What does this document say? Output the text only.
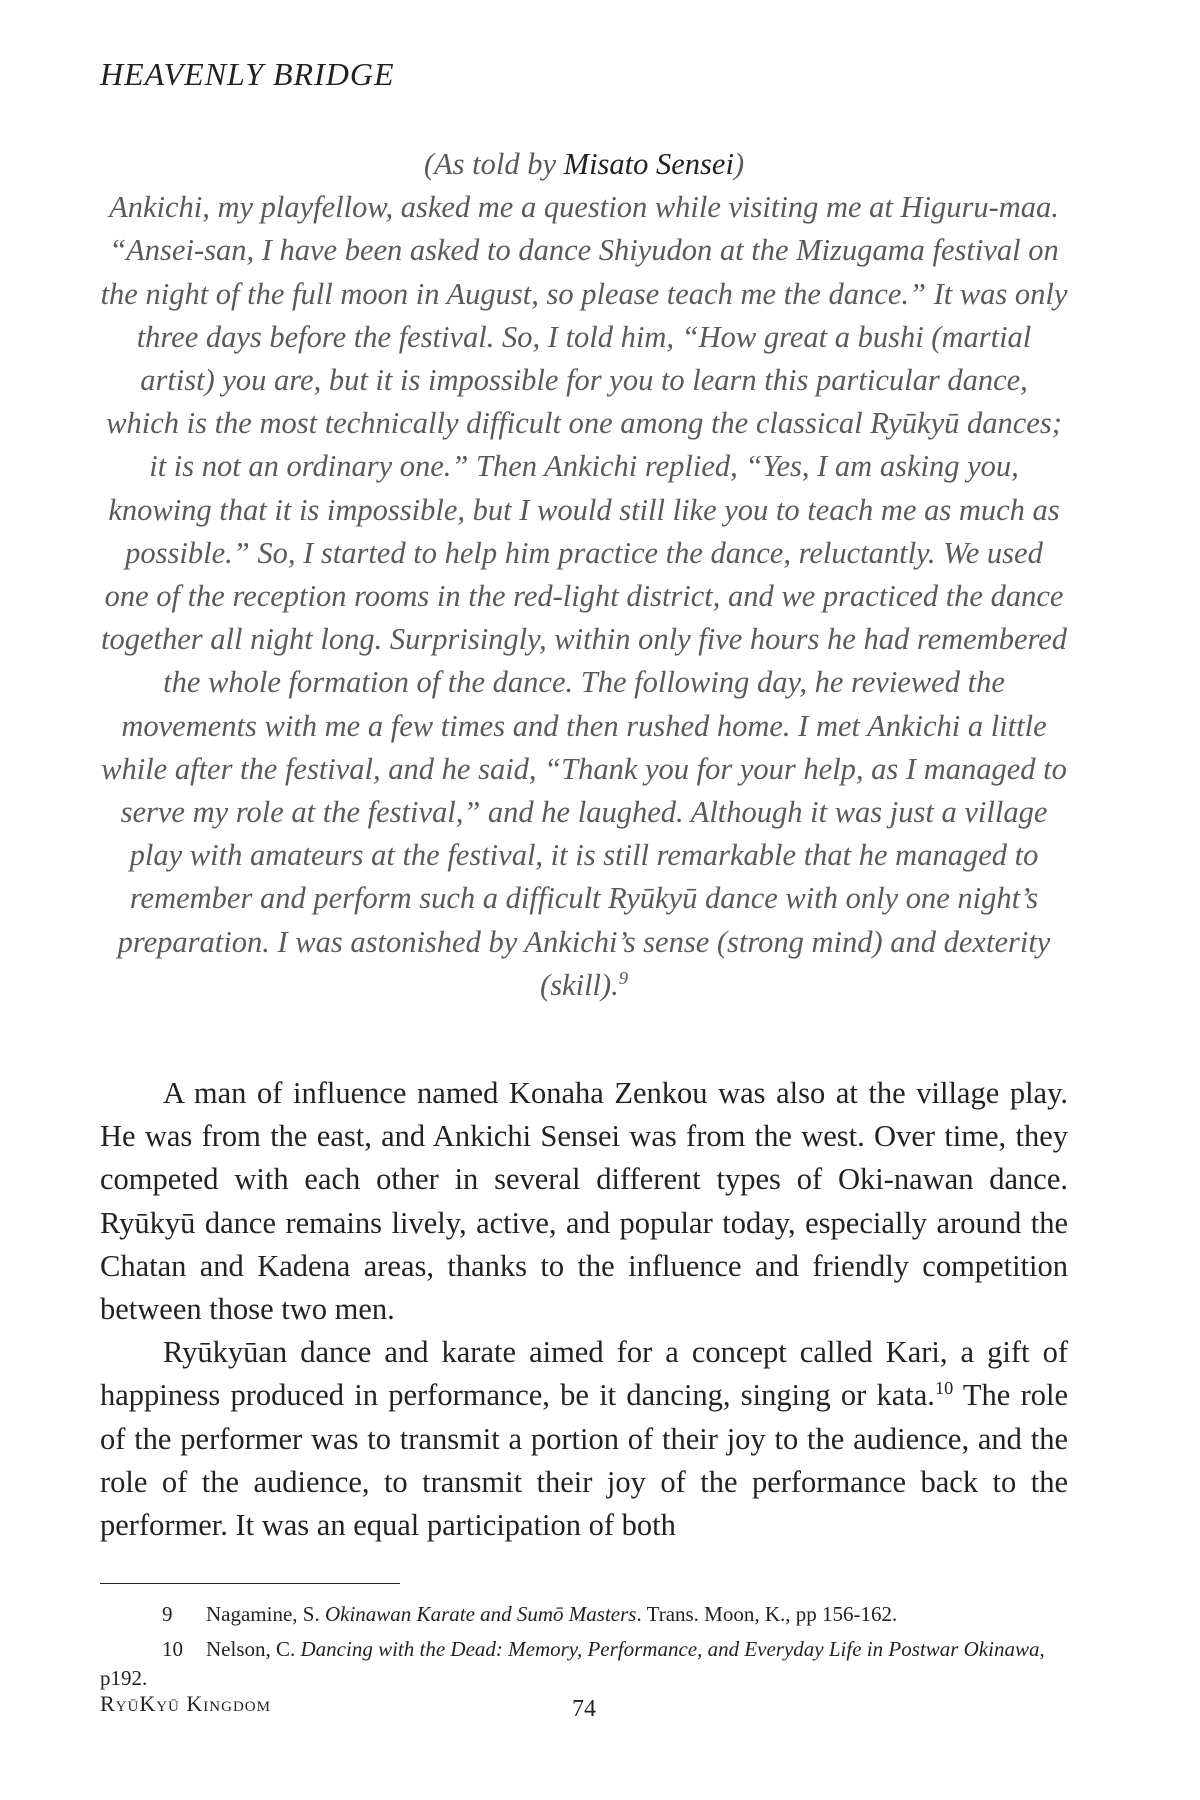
HEAVENLY BRIDGE
(As told by Misato Sensei)
Ankichi, my playfellow, asked me a question while visiting me at Higuru-maa. “Ansei-san, I have been asked to dance Shiyudon at the Mizugama festival on the night of the full moon in August, so please teach me the dance.” It was only three days before the festival. So, I told him, “How great a bushi (martial artist) you are, but it is impossible for you to learn this particular dance, which is the most technically difficult one among the classical Ryūkyū dances; it is not an ordinary one.” Then Ankichi replied, “Yes, I am asking you, knowing that it is impossible, but I would still like you to teach me as much as possible.” So, I started to help him practice the dance, reluctantly. We used one of the reception rooms in the red-light district, and we practiced the dance together all night long. Surprisingly, within only five hours he had remembered the whole formation of the dance. The following day, he reviewed the movements with me a few times and then rushed home. I met Ankichi a little while after the festival, and he said, “Thank you for your help, as I managed to serve my role at the festival,” and he laughed. Although it was just a village play with amateurs at the festival, it is still remarkable that he managed to remember and perform such a difficult Ryūkyū dance with only one night’s preparation. I was astonished by Ankichi’s sense (strong mind) and dexterity (skill).$^9$

A man of influence named Konaha Zenkou was also at the village play. He was from the east, and Ankichi Sensei was from the west. Over time, they competed with each other in several different types of Oki-nawan dance. Ryūkyū dance remains lively, active, and popular today, especially around the Chatan and Kadena areas, thanks to the influence and friendly competition between those two men.

Ryūkyūan dance and karate aimed for a concept called Kari, a gift of happiness produced in performance, be it dancing, singing or kata.$^{10}$ The role of the performer was to transmit a portion of their joy to the audience, and the role of the audience, to transmit their joy of the performance back to the performer. It was an equal participation of both

9 Nagamine, S. Okinawan Karate and Sumō Masters. Trans. Moon, K., pp 156-162.

10 Nelson, C. Dancing with the Dead: Memory, Performance, and Everyday Life in Postwar Okinawa, p192.

RyūKyū Kingdom	74
